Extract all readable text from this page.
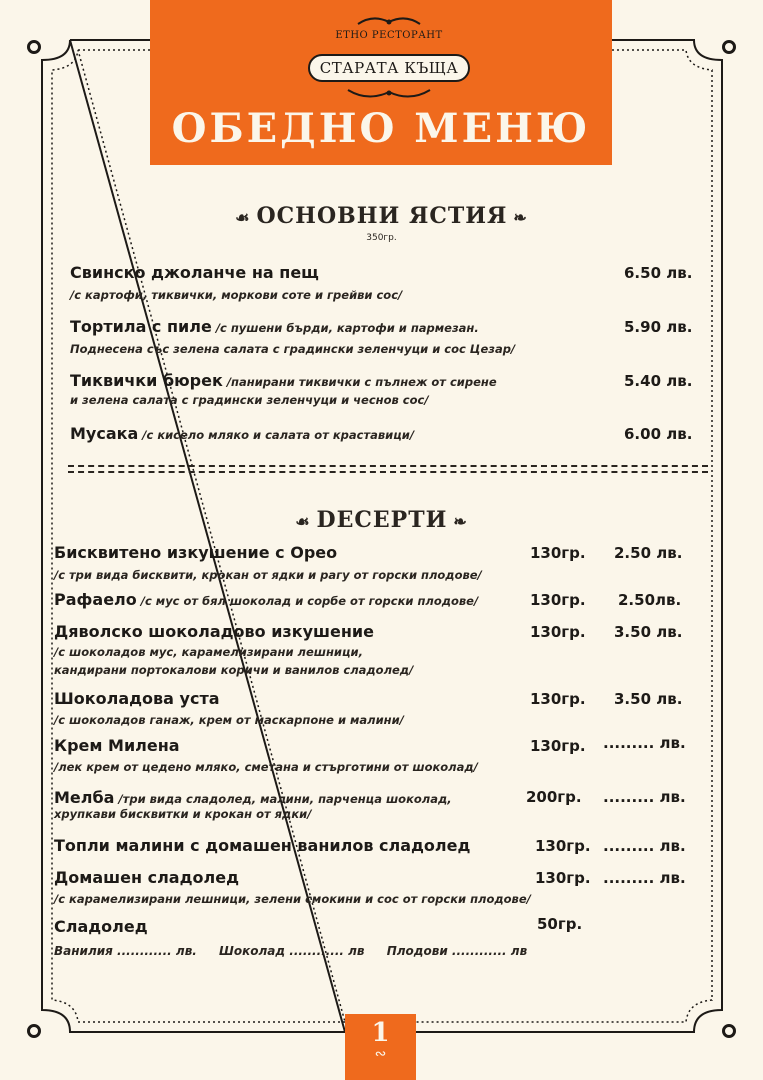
ЕТНО РЕСТОРАНТ
СТАРАТА КЪЩА
ОБЕДНО МЕНЮ
☙ ОСНОВНИ ЯСТИЯ ❧
350гр.
Свинско джоланче на пещ
/с картофи, тиквички, моркови соте и грейви сос/
6.50 лв.
Тортила с пиле /с пушени бърди, картофи и пармезан.
Поднесена със зелена салата с градински зеленчуци и сос Цезар/
5.90 лв.
Тиквички бюрек /панирани тиквички с пълнеж от сирене
и зелена салата с градински зеленчуци и чеснов сос/
5.40 лв.
Мусака /с кисело мляко и салата от краставици/	6.00 лв.
☙ DЕСЕРТИ ❧
Бисквитено изкушение с Орео
/с три вида бисквити, крокан от ядки и рагу от горски плодове/
130гр. 2.50 лв.
Рафаело /с мус от бял шоколад и сорбе от горски плодове/	130гр. 2.50лв.
Дяволско шоколадово изкушение
/с шоколадов мус, карамелизирани лешници,
кандирани портокалови коричи и ванилов сладолед/
130гр. 3.50 лв.
Шоколадова уста
/с шоколадов ганаж, крем от маскарпоне и малини/
130гр. 3.50 лв.
Крем Милена
/лек крем от цедено мляко, сметана и стърготини от шоколад/
130гр. ......... лв.
Мелба /три вида сладолед, малини, парченца шоколад,
хрупкави бисквитки и крокан от ядки/
200гр. ......... лв.
Топли малини с домашен ванилов сладолед	130гр. ......... лв.
Домашен сладолед
/с карамелизирани лешници, зелени смокини и сос от горски плодове/
130гр. ......... лв.
Сладолед	50гр.
Ванилия ............ лв. Шоколад ............ лв Плодови ............ лв
1
∾
